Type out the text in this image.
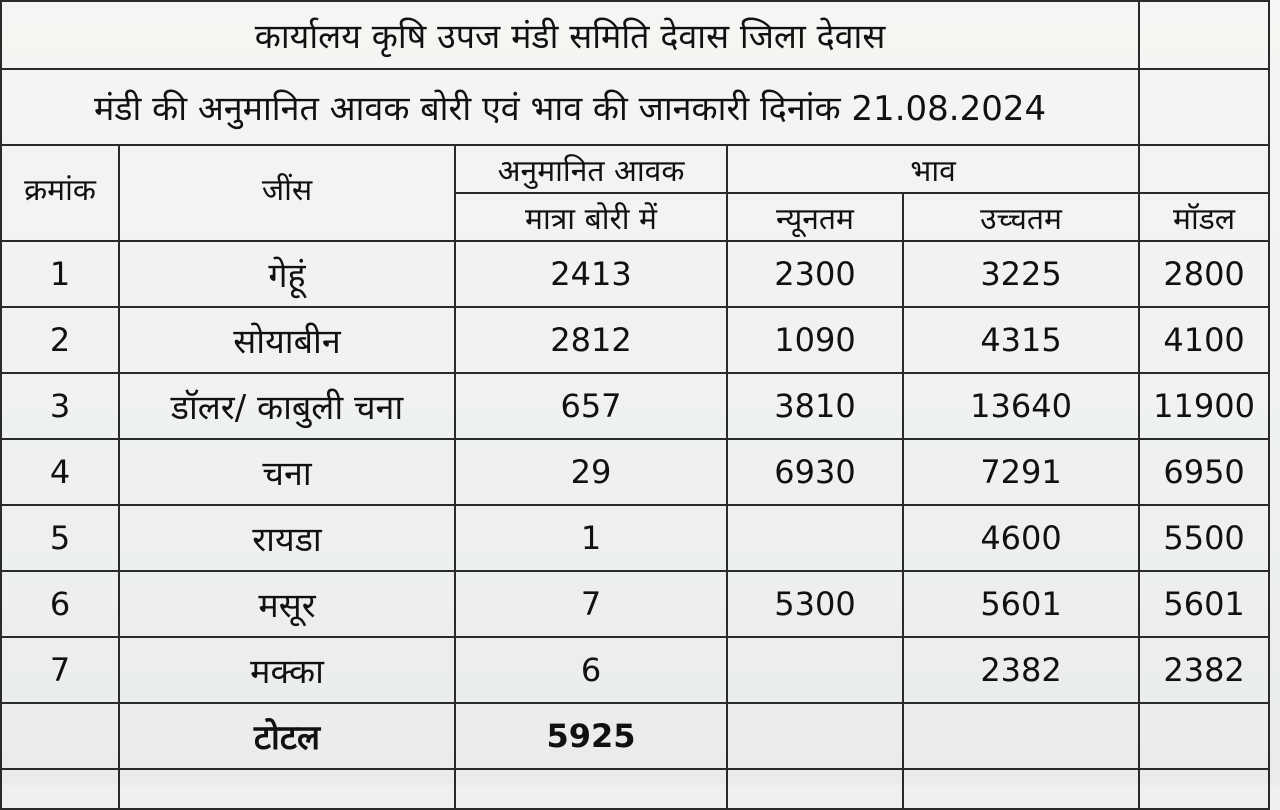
कार्यालय कृषि उपज मंडी समिति देवास जिला देवास					
मंडी की अनुमानित आवक बोरी एवं भाव की जानकारी दिनांक 21.08.2024					
क्रमांक	जींस	अनुमानित आवक	भाव		
		मात्रा बोरी में	न्यूनतम	उच्चतम	मॉडल
1	गेहूं	2413	2300	3225	2800
2	सोयाबीन	2812	1090	4315	4100
3	डॉलर/ काबुली चना	657	3810	13640	11900
4	चना	29	6930	7291	6950
5	रायडा	1		4600	5500
6	मसूर	7	5300	5601	5601
7	मक्का	6		2382	2382
	टोटल	5925			
